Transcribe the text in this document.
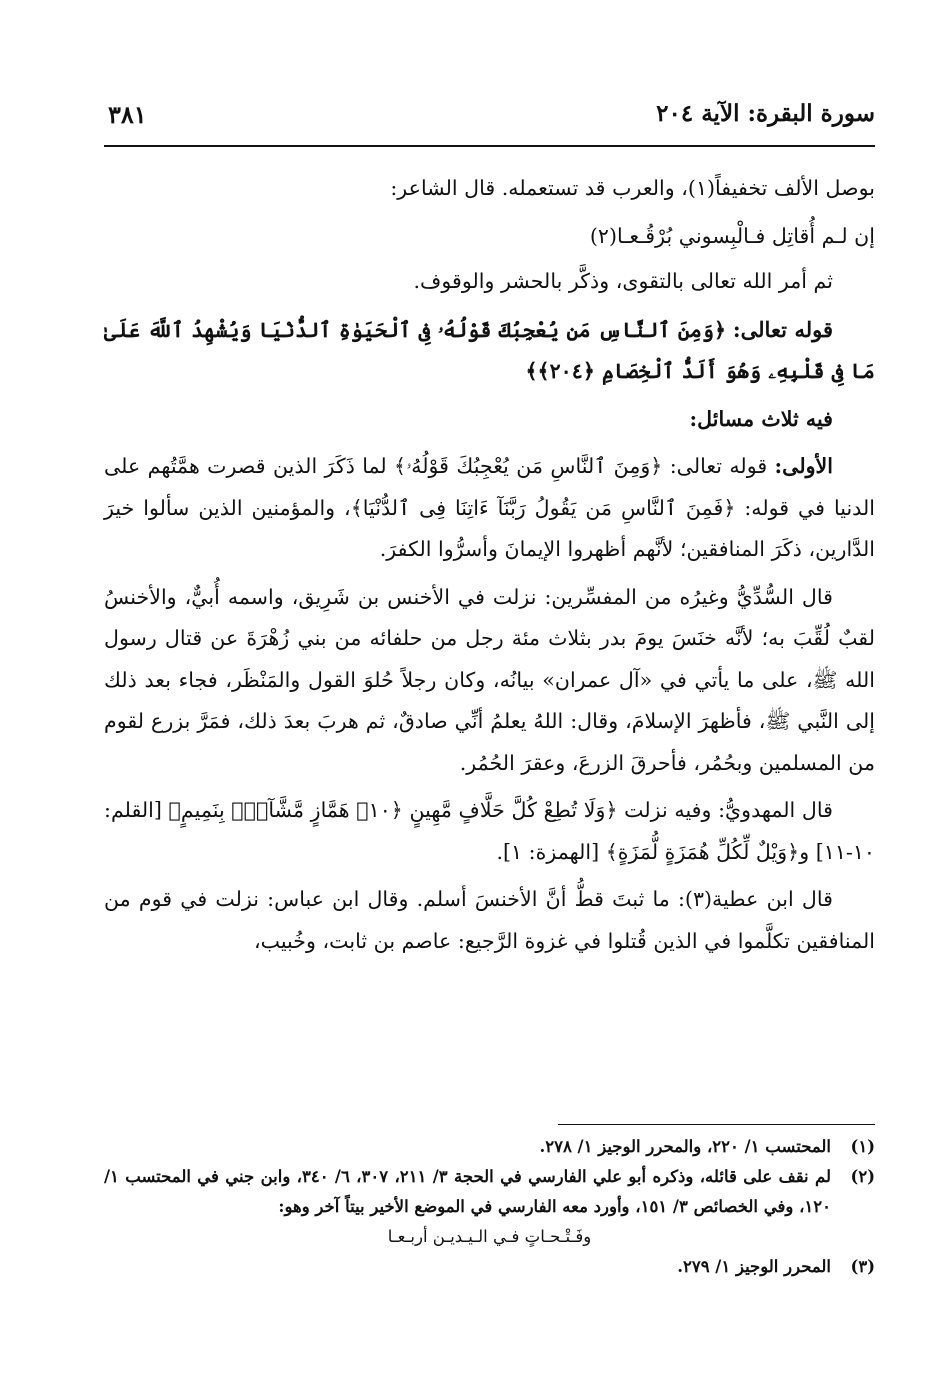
سورة البقرة: الآية ٢٠٤
٣٨١

بوصل الألف تخفيفاً(١)، والعرب قد تستعمله. قال الشاعر:

إن لـم أُقاتِل فـالْبِسوني بُرْقُـعـا(٢)

ثم أمر الله تعالى بالتقوى، وذكَّر بالحشر والوقوف.

قوله تعالى: ﴿وَمِنَ ٱلنَّاسِ مَن يُعْجِبُكَ قَوْلُهُۥ فِى ٱلْحَيَوٰةِ ٱلدُّنْيَا وَيُشْهِدُ ٱللَّهَ عَلَىٰ مَا فِى قَلْبِهِۦ وَهُوَ أَلَدُّ ٱلْخِصَامِ ﴿٢٠٤﴾﴾

فيه ثلاث مسائل:

الأولى: قوله تعالى: ﴿وَمِنَ ٱلنَّاسِ مَن يُعْجِبُكَ قَوْلُهُۥ﴾ لما ذَكَرَ الذين قصرت همَّتُهم على الدنيا في قوله: ﴿فَمِنَ ٱلنَّاسِ مَن يَقُولُ رَبَّنَآ ءَاتِنَا فِى ٱلدُّنْيَا﴾، والمؤمنين الذين سألوا خيرَ الدَّارين، ذكَرَ المنافقين؛ لأنَّهم أظهروا الإيمانَ وأسرُّوا الكفرَ.

قال السُّدِّيُّ وغيرُه من المفسِّرين: نزلت في الأخنس بن شَرِيق، واسمه أُبيٌّ، والأخنسُ لقبٌ لُقِّبَ به؛ لأنَّه خنَسَ يومَ بدر بثلاث مئة رجل من حلفائه من بني زُهْرَةَ عن قتال رسول الله ﷺ، على ما يأتي في «آل عمران» بيانُه، وكان رجلاً حُلوَ القول والمَنْظَر، فجاء بعد ذلك إلى النَّبي ﷺ، فأظهرَ الإسلامَ، وقال: اللهُ يعلمُ أنِّي صادقٌ، ثم هربَ بعدَ ذلك، فمَرَّ بزرع لقوم من المسلمين وبحُمُر، فأحرقَ الزرعَ، وعقرَ الحُمُر.

قال المهدويُّ: وفيه نزلت ﴿وَلَا تُطِعْ كُلَّ حَلَّافٍ مَّهِينٍ ﴿١٠﴾ هَمَّازٍ مَّشَّآءٍۭ بِنَمِيمٍ﴾ [القلم: ١٠-١١] و﴿وَيْلٌ لِّكُلِّ هُمَزَةٍ لُّمَزَةٍ﴾ [الهمزة: ١].

قال ابن عطية(٣): ما ثبتَ قطُّ أنَّ الأخنسَ أسلم. وقال ابن عباس: نزلت في قوم من المنافقين تكلَّموا في الذين قُتلوا في غزوة الرَّجيع: عاصم بن ثابت، وخُبيب،

(١)
المحتسب ١/ ٢٢٠، والمحرر الوجيز ١/ ٢٧٨.

(٢)
لم نقف على قائله، وذكره أبو علي الفارسي في الحجة ٣/ ٢١١، ٣٠٧، ٦/ ٣٤٠، وابن جني في المحتسب ١/ ١٢٠، وفي الخصائص ٣/ ١٥١، وأورد معه الفارسي في الموضع الأخير بيتاً آخر وهو:

وفَـتْـحـاتٍ فـي الـيـديـن أربـعـا

(٣)
المحرر الوجيز ١/ ٢٧٩.
